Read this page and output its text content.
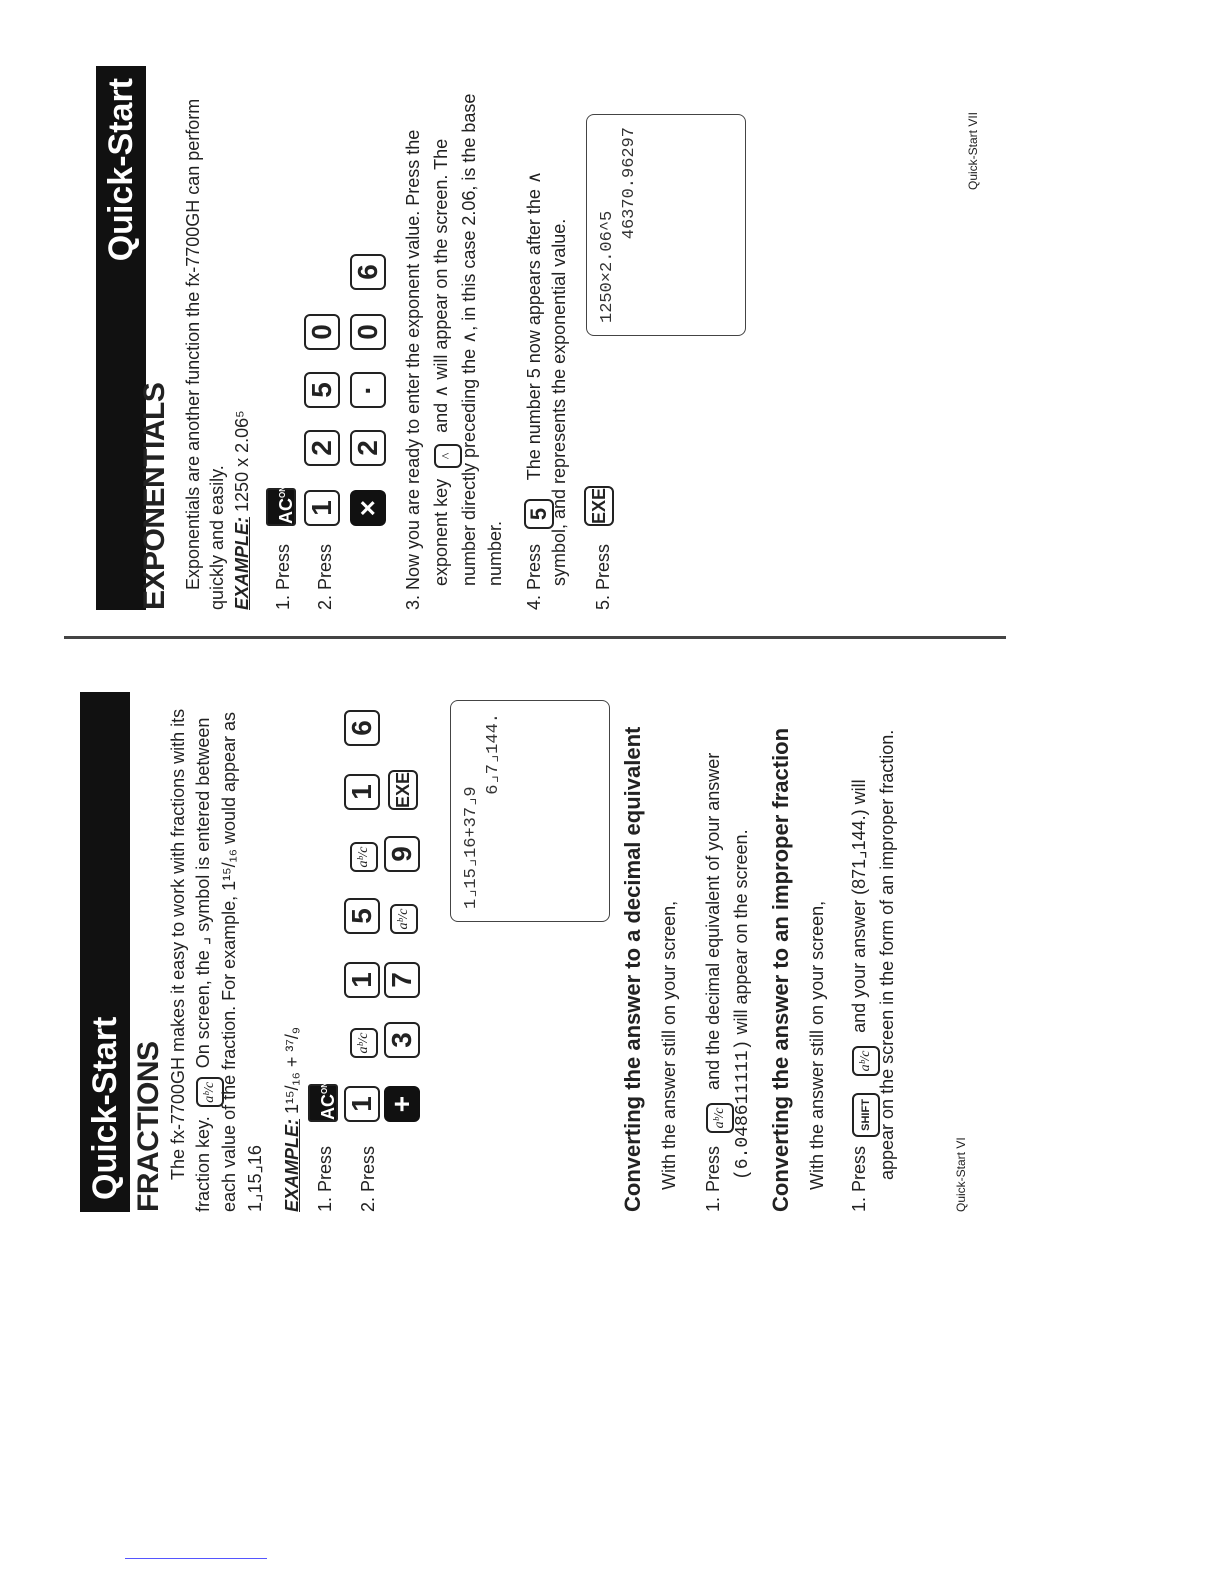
Quick-Start FRACTIONS The fx-7700GH makes it easy to work with fractions with its fraction key. aᵇ/c On screen, the ⌟ symbol is entered between each value of the fraction. For example, 1¹⁵/₁₆ would appear as 1⌟15⌟16 EXAMPLE: 1¹⁵/₁₆ + ³⁷/₉
1. Press
$AC^{ON}$
2. Press
1
aᵇ/c
1
5
aᵇ/c
1
6
+
3
7
aᵇ/c
9
EXE	1⌟15⌟16+37⌟9
6⌟7⌟144.	Converting the answer to a decimal equivalent With the answer still on your screen, 1. Press aᵇ/c and the decimal equivalent of your answer
(6.048611111) will appear on the screen. Converting the answer to an improper fraction With the answer still on your screen, 1. Press SHIFT aᵇ/c and your answer (871⌟144.) will appear on the screen in the form of an improper fraction.	Quick-Start VI
Quick-Start
EXPONENTIALS Exponentials are another function the fx-7700GH can perform quickly and easily. EXAMPLE: 1250 x 2.06⁵
1. Press
$AC^{ON}$
2. Press
1
2
5
0
×
2
·
0
6 3. Now you are ready to enter the exponent value. Press the exponent key ^ and ∧ will appear on the screen. The number directly preceding the ∧, in this case 2.06, is the base number.	4. Press 5 The number 5 now appears after the ∧ symbol, and represents the exponential value. 5. Press
EXE
1250×2.06^5
46370.96297	Quick-Start VII
